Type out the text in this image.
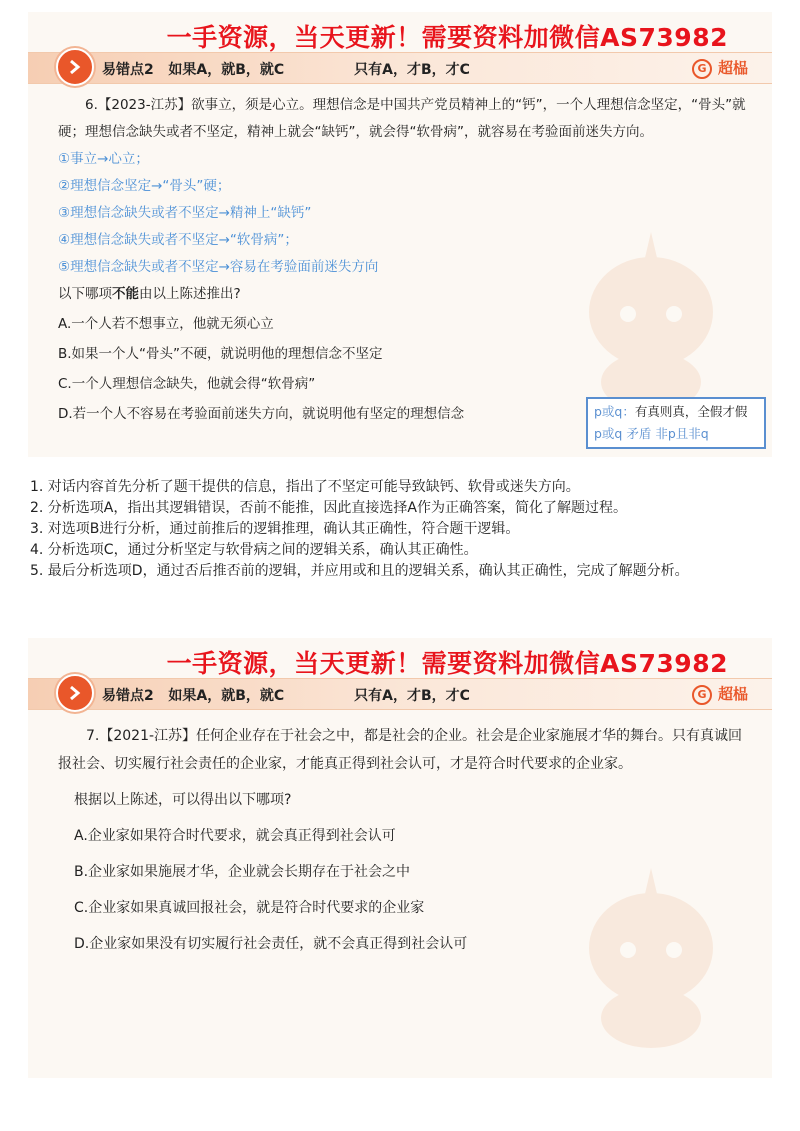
一手资源，当天更新！需要资料加微信AS73982
易错点2 如果A，就B，就C	只有A，才B，才C	G 超榀

6.【2023-江苏】欲事立，须是心立。理想信念是中国共产党员精神上的“钙”，一个人理想信念坚定，“骨头”就硬；理想信念缺失或者不坚定，精神上就会“缺钙”，就会得“软骨病”，就容易在考验面前迷失方向。

①事立→心立；

②理想信念坚定→“骨头”硬；

③理想信念缺失或者不坚定→精神上“缺钙”

④理想信念缺失或者不坚定→“软骨病”；

⑤理想信念缺失或者不坚定→容易在考验面前迷失方向

以下哪项不能由以上陈述推出?

A.一个人若不想事立，他就无须心立

B.如果一个人“骨头”不硬，就说明他的理想信念不坚定

C.一个人理想信念缺失，他就会得“软骨病”

D.若一个人不容易在考验面前迷失方向，就说明他有坚定的理想信念	p或q：有真则真，全假才假
p或q 矛盾 非p且非q
1. 对话内容首先分析了题干提供的信息，指出了不坚定可能导致缺钙、软骨或迷失方向。
2. 分析选项A，指出其逻辑错误，否前不能推，因此直接选择A作为正确答案，简化了解题过程。
3. 对选项B进行分析，通过前推后的逻辑推理，确认其正确性，符合题干逻辑。
4. 分析选项C，通过分析坚定与软骨病之间的逻辑关系，确认其正确性。
5. 最后分析选项D，通过否后推否前的逻辑，并应用或和且的逻辑关系，确认其正确性，完成了解题分析。
一手资源，当天更新！需要资料加微信AS73982
易错点2 如果A，就B，就C	只有A，才B，才C	G 超榀

7.【2021-江苏】任何企业存在于社会之中，都是社会的企业。社会是企业家施展才华的舞台。只有真诚回报社会、切实履行社会责任的企业家，才能真正得到社会认可，才是符合时代要求的企业家。

根据以上陈述，可以得出以下哪项?

A.企业家如果符合时代要求，就会真正得到社会认可

B.企业家如果施展才华，企业就会长期存在于社会之中

C.企业家如果真诚回报社会，就是符合时代要求的企业家

D.企业家如果没有切实履行社会责任，就不会真正得到社会认可
